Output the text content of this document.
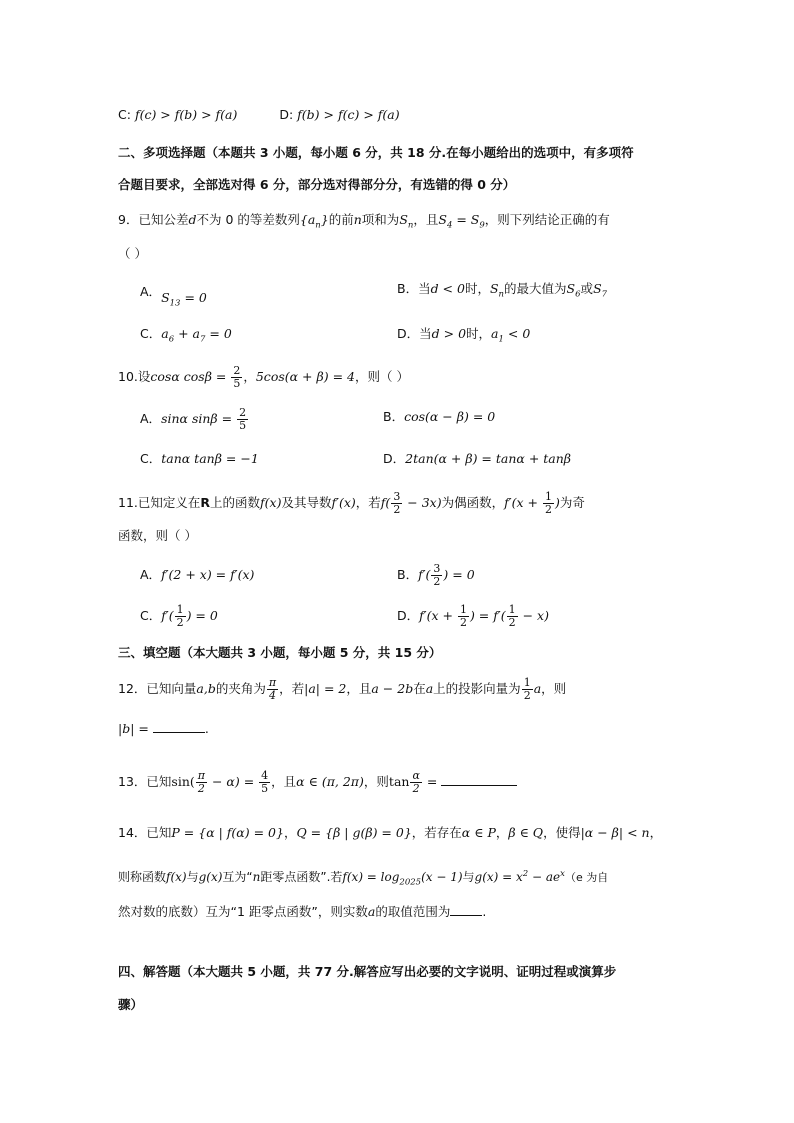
C: f(c) > f(b) > f(a)	D: f(b) > f(c) > f(a)
二、多项选择题（本题共 3 小题，每小题 6 分，共 18 分.在每小题给出的选项中，有多项符
合题目要求，全部选对得 6 分，部分选对得部分分，有选错的得 0 分）
9．已知公差d不为 0 的等差数列$\{a_n\}$的前n项和为$S_n$，且$S_4 = S_9$，则下列结论正确的有
（ ）
A．$S_{13} = 0$
B．当d < 0时，$S_n$的最大值为$S_6$或$S_7$
C．$a_6 + a_7 = 0$	D．当d > 0时，$a_1 < 0$
10.设cosα $\cos\beta = \frac{2}{5}$ ，5cos(α + β) = 4，则（ ）
A．sinα $\sin\beta = \frac{2}{5}$	B．cos(α − β) = 0
C．tanα tanβ = −1	D．2tan(α + β) = tanα + tanβ
11.已知定义在R上的函数f(x)及其导数f′(x)，若$f( \frac{3}{2} - 3x)$为偶函数，$f'(x + \frac{1}{2}$ )为奇
函数，则（ ）
A．f′(2 + x) = f′(x)	B．$f'( \frac{3}{2}$ ) = 0
C．$f'( \frac{1}{2}$ ) = 0	D．$f'(x + \frac{1}{2}$ ) = $f'( \frac{1}{2} - x)$
三、填空题（本大题共 3 小题，每小题 5 分，共 15 分）
12．已知向量a,b的夹角为 $\frac{\pi}{4}$ ，若|a| = 2，且a − 2b在a上的投影向量为 $\frac{1}{2}$ a，则
|b| =	.
13．已知$\sin( \frac{\pi}{2} - \alpha) = \frac{4}{5}$ ，且α ∈ (π, 2π)，则$\tan \frac{\alpha}{2}$ =
14．已知P = {α | f(α) = 0}，Q = {β | g(β) = 0}，若存在α ∈ P，β ∈ Q，使得|α − β| < n，
则称函数f(x)与g(x)互为“n距零点函数”.若$f(x) = \log_{2025}(x - 1)$与$g(x) = x^2 - ae^x(e$ 为自
然对数的底数）互为“1 距零点函数”，则实数a的取值范围为	.
四、解答题（本大题共 5 小题，共 77 分.解答应写出必要的文字说明、证明过程或演算步
骤）
